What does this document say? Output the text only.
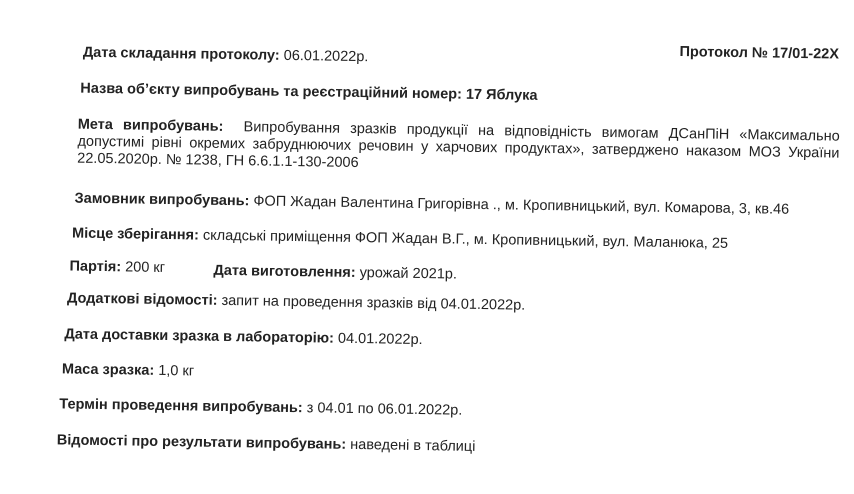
Протокол № 17/01-22X
Дата складання протоколу: 06.01.2022р.
Назва об’єкту випробувань та реєстраційний номер: 17 Яблука
Мета випробувань: Випробування зразків продукції на відповідність вимогам ДСанПіН «Максимально допустимі рівні окремих забруднюючих речовин у харчових продуктах», затверджено наказом МОЗ України 22.05.2020р. № 1238, ГН 6.6.1.1-130-2006
Замовник випробувань: ФОП Жадан Валентина Григорівна ., м. Кропивницький, вул. Комарова, 3, кв.46
Місце зберігання: складські приміщення ФОП Жадан В.Г., м. Кропивницький, вул. Маланюка, 25
Партія: 200 кг	Дата виготовлення: урожай 2021р.
Додаткові відомості: запит на проведення зразків від 04.01.2022р.
Дата доставки зразка в лабораторію: 04.01.2022р.
Маса зразка: 1,0 кг
Термін проведення випробувань: з 04.01 по 06.01.2022р.
Відомості про результати випробувань: наведені в таблиці
